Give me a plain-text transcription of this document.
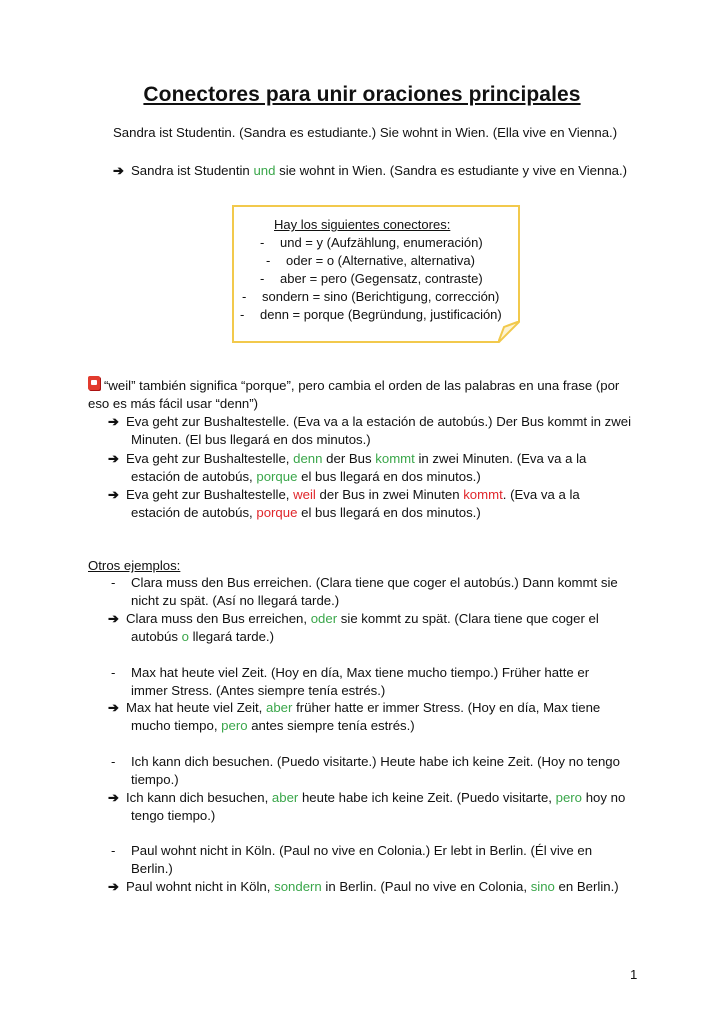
Conectores para unir oraciones principales
Sandra ist Studentin. (Sandra es estudiante.) Sie wohnt in Wien. (Ella vive en Vienna.)
➔ Sandra ist Studentin und sie wohnt in Wien. (Sandra es estudiante y vive en Vienna.)
Hay los siguientes conectores:
- und = y (Aufzählung, enumeración)
- oder = o (Alternative, alternativa)
- aber = pero (Gegensatz, contraste)
- sondern = sino (Berichtigung, corrección)
- denn = porque (Begründung, justificación)
“weil” también significa “porque”, pero cambia el orden de las palabras en una frase (por
eso es más fácil usar “denn”)
➔ Eva geht zur Bushaltestelle. (Eva va a la estación de autobús.) Der Bus kommt in zwei
Minuten. (El bus llegará en dos minutos.)
➔ Eva geht zur Bushaltestelle, denn der Bus kommt in zwei Minuten. (Eva va a la
estación de autobús, porque el bus llegará en dos minutos.)
➔ Eva geht zur Bushaltestelle, weil der Bus in zwei Minuten kommt. (Eva va a la
estación de autobús, porque el bus llegará en dos minutos.)
Otros ejemplos:
- Clara muss den Bus erreichen. (Clara tiene que coger el autobús.) Dann kommt sie
nicht zu spät. (Así no llegará tarde.)
➔ Clara muss den Bus erreichen, oder sie kommt zu spät. (Clara tiene que coger el
autobús o llegará tarde.)
- Max hat heute viel Zeit. (Hoy en día, Max tiene mucho tiempo.) Früher hatte er
immer Stress. (Antes siempre tenía estrés.)
➔ Max hat heute viel Zeit, aber früher hatte er immer Stress. (Hoy en día, Max tiene
mucho tiempo, pero antes siempre tenía estrés.)
- Ich kann dich besuchen. (Puedo visitarte.) Heute habe ich keine Zeit. (Hoy no tengo
tiempo.)
➔ Ich kann dich besuchen, aber heute habe ich keine Zeit. (Puedo visitarte, pero hoy no
tengo tiempo.)
- Paul wohnt nicht in Köln. (Paul no vive en Colonia.) Er lebt in Berlin. (Él vive en
Berlin.)
➔ Paul wohnt nicht in Köln, sondern in Berlin. (Paul no vive en Colonia, sino en Berlin.)
1
